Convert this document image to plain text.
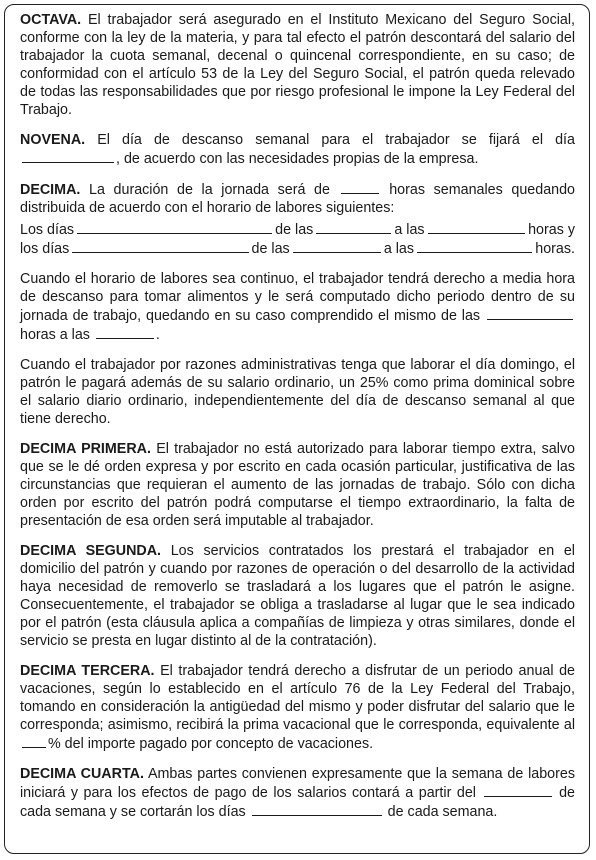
OCTAVA. El trabajador será asegurado en el Instituto Mexicano del Seguro Social, conforme con la ley de la materia, y para tal efecto el patrón descontará del salario del trabajador la cuota semanal, decenal o quincenal correspondiente, en su caso; de conformidad con el artículo 53 de la Ley del Seguro Social, el patrón queda relevado de todas las responsabilidades que por riesgo profesional le impone la Ley Federal del Trabajo.

NOVENA. El día de descanso semanal para el trabajador se fijará el día , de acuerdo con las necesidades propias de la empresa.

DECIMA. La duración de la jornada será de	horas semanales quedando distribuida de acuerdo con el horario de labores siguientes:
Los días	de las	a las	horas y
los días	de las	a las	horas.

Cuando el horario de labores sea continuo, el trabajador tendrá derecho a media hora de descanso para tomar alimentos y le será computado dicho periodo dentro de su jornada de trabajo, quedando en su caso comprendido el mismo de las horas a las	.

Cuando el trabajador por razones administrativas tenga que laborar el día domingo, el patrón le pagará además de su salario ordinario, un 25% como prima dominical sobre el salario diario ordinario, independientemente del día de descanso semanal al que tiene derecho.

DECIMA PRIMERA. El trabajador no está autorizado para laborar tiempo extra, salvo que se le dé orden expresa y por escrito en cada ocasión particular, justificativa de las circunstancias que requieran el aumento de las jornadas de trabajo. Sólo con dicha orden por escrito del patrón podrá computarse el tiempo extraordinario, la falta de presentación de esa orden será imputable al trabajador.

DECIMA SEGUNDA. Los servicios contratados los prestará el trabajador en el domicilio del patrón y cuando por razones de operación o del desarrollo de la actividad haya necesidad de removerlo se trasladará a los lugares que el patrón le asigne. Consecuentemente, el trabajador se obliga a trasladarse al lugar que le sea indicado por el patrón (esta cláusula aplica a compañías de limpieza y otras similares, donde el servicio se presta en lugar distinto al de la contratación).

DECIMA TERCERA. El trabajador tendrá derecho a disfrutar de un periodo anual de vacaciones, según lo establecido en el artículo 76 de la Ley Federal del Trabajo, tomando en consideración la antigüedad del mismo y poder disfrutar del salario que le corresponda; asimismo, recibirá la prima vacacional que le corresponda, equivalente al% del importe pagado por concepto de vacaciones.

DECIMA CUARTA. Ambas partes convienen expresamente que la semana de labores iniciará y para los efectos de pago de los salarios contará a partir del	de cada semana y se cortarán los días	de cada semana.
